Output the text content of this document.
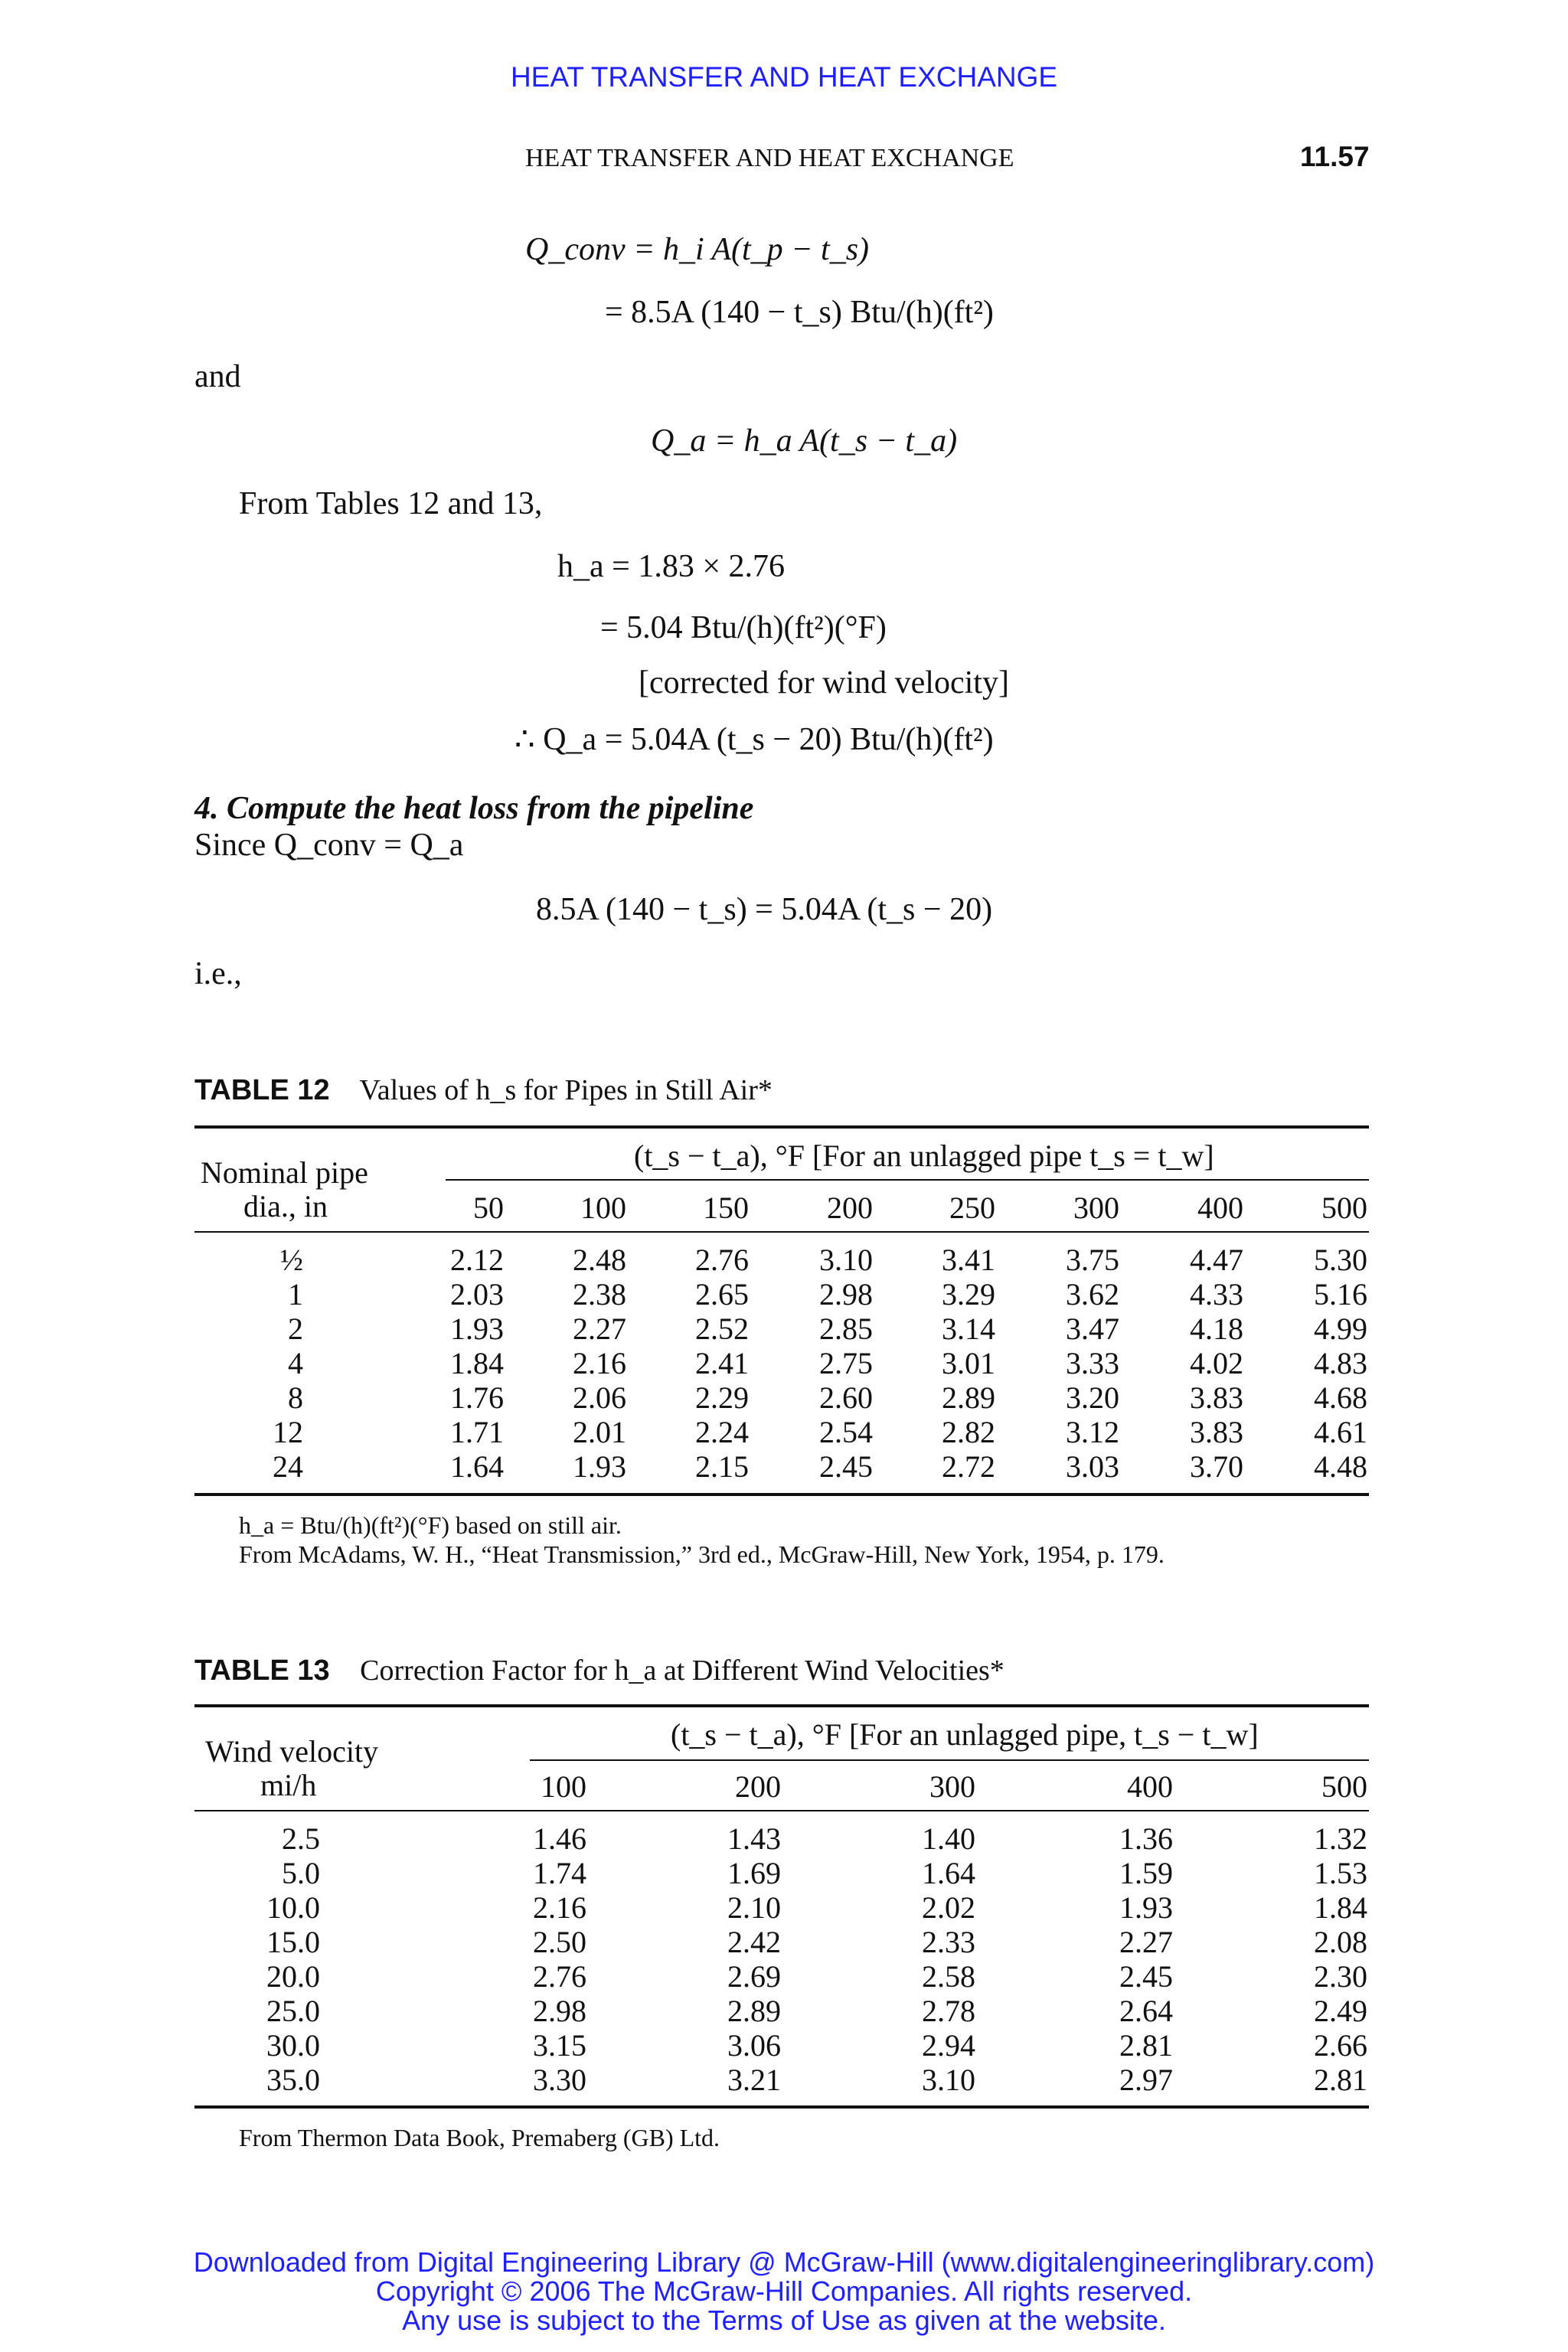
HEAT TRANSFER AND HEAT EXCHANGE
HEAT TRANSFER AND HEAT EXCHANGE	11.57
Q_conv = h_i A(t_p − t_s)
= 8.5A (140 − t_s) Btu/(h)(ft²)
and
Q_a = h_a A(t_s − t_a)
From Tables 12 and 13,
h_a = 1.83 × 2.76
= 5.04 Btu/(h)(ft²)(°F)
[corrected for wind velocity]
∴ Q_a = 5.04A (t_s − 20) Btu/(h)(ft²)
4. Compute the heat loss from the pipeline
Since Q_conv = Q_a
8.5A (140 − t_s) = 5.04A (t_s − 20)
i.e.,
TABLE 12 Values of h_s for Pipes in Still Air*
Nominal pipe
dia., in
(t_s − t_a), °F [For an unlagged pipe t_s = t_w]
50	100	150	200	250	300	400	500
½	2.12 2.48 2.76 3.10 3.41 3.75 4.47 5.30
1	2.03 2.38 2.65 2.98 3.29 3.62 4.33 5.16
2	1.93 2.27 2.52 2.85 3.14 3.47 4.18 4.99
4	1.84 2.16 2.41 2.75 3.01 3.33 4.02 4.83
8	1.76 2.06 2.29 2.60 2.89 3.20 3.83 4.68
12	1.71 2.01 2.24 2.54 2.82 3.12 3.83 4.61
24	1.64 1.93 2.15 2.45 2.72 3.03 3.70 4.48
h_a = Btu/(h)(ft²)(°F) based on still air.
From McAdams, W. H., “Heat Transmission,” 3rd ed., McGraw-Hill, New York, 1954, p. 179.
TABLE 13 Correction Factor for h_a at Different Wind Velocities*
Wind velocity
mi/h
(t_s − t_a), °F [For an unlagged pipe, t_s − t_w]
100	200	300	400	500
2.5	1.46	1.43	1.40	1.36	1.32
5.0	1.74	1.69	1.64	1.59	1.53
10.0	2.16	2.10	2.02	1.93	1.84
15.0	2.50	2.42	2.33	2.27	2.08
20.0	2.76	2.69	2.58	2.45	2.30
25.0	2.98	2.89	2.78	2.64	2.49
30.0	3.15	3.06	2.94	2.81	2.66
35.0	3.30	3.21	3.10	2.97	2.81
From Thermon Data Book, Premaberg (GB) Ltd.
Downloaded from Digital Engineering Library @ McGraw-Hill (www.digitalengineeringlibrary.com)
Copyright © 2006 The McGraw-Hill Companies. All rights reserved.
Any use is subject to the Terms of Use as given at the website.
